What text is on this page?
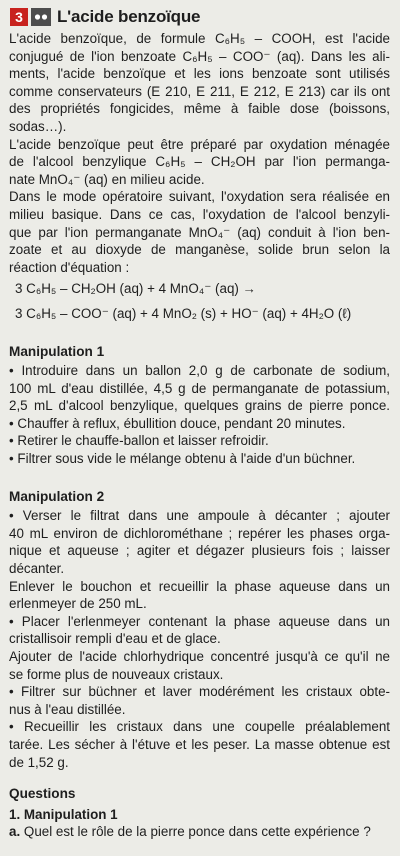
3	L'acide benzoïque
L'acide benzoïque, de formule C₆H₅ – COOH, est l'acide
conjugué de l'ion benzoate C₆H₅ – COO⁻ (aq). Dans les ali-
ments, l'acide benzoïque et les ions benzoate sont utilisés
comme conservateurs (E 210, E 211, E 212, E 213) car ils ont
des propriétés fongicides, même à faible dose (boissons,
sodas…).
L'acide benzoïque peut être préparé par oxydation ménagée
de l'alcool benzylique C₆H₅ – CH₂OH par l'ion permanga-
nate MnO₄⁻ (aq) en milieu acide.
Dans le mode opératoire suivant, l'oxydation sera réalisée en
milieu basique. Dans ce cas, l'oxydation de l'alcool benzyli-
que par l'ion permanganate MnO₄⁻ (aq) conduit à l'ion ben-
zoate et au dioxyde de manganèse, solide brun selon la
réaction d'équation :
3 C₆H₅ – CH₂OH (aq) + 4 MnO₄⁻ (aq) →
3 C₆H₅ – COO⁻ (aq) + 4 MnO₂ (s) + HO⁻ (aq) + 4H₂O (ℓ)
Manipulation 1
• Introduire dans un ballon 2,0 g de carbonate de sodium,
100 mL d'eau distillée, 4,5 g de permanganate de potassium,
2,5 mL d'alcool benzylique, quelques grains de pierre ponce.
• Chauffer à reflux, ébullition douce, pendant 20 minutes.
• Retirer le chauffe-ballon et laisser refroidir.
• Filtrer sous vide le mélange obtenu à l'aide d'un büchner.
Manipulation 2
• Verser le filtrat dans une ampoule à décanter ; ajouter
40 mL environ de dichlorométhane ; repérer les phases orga-
nique et aqueuse ; agiter et dégazer plusieurs fois ; laisser
décanter.
Enlever le bouchon et recueillir la phase aqueuse dans un
erlenmeyer de 250 mL.
• Placer l'erlenmeyer contenant la phase aqueuse dans un
cristallisoir rempli d'eau et de glace.
Ajouter de l'acide chlorhydrique concentré jusqu'à ce qu'il ne
se forme plus de nouveaux cristaux.
• Filtrer sur büchner et laver modérément les cristaux obte-
nus à l'eau distillée.
• Recueillir les cristaux dans une coupelle préalablement
tarée. Les sécher à l'étuve et les peser. La masse obtenue est
de 1,52 g.
Questions
1. Manipulation 1
a. Quel est le rôle de la pierre ponce dans cette expérience ?
